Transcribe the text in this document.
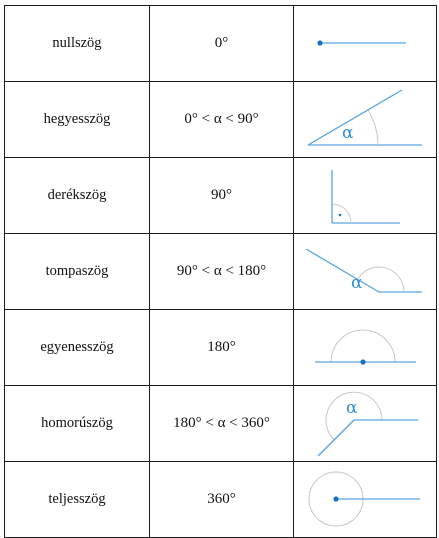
nullszög	0°	

hegyesszög	0° < α < 90°	α

derékszög	90°	

tompaszög	90° < α < 180°	α

egyenesszög	180°	

homorúszög	180° < α < 360°	α

teljesszög	360°	
